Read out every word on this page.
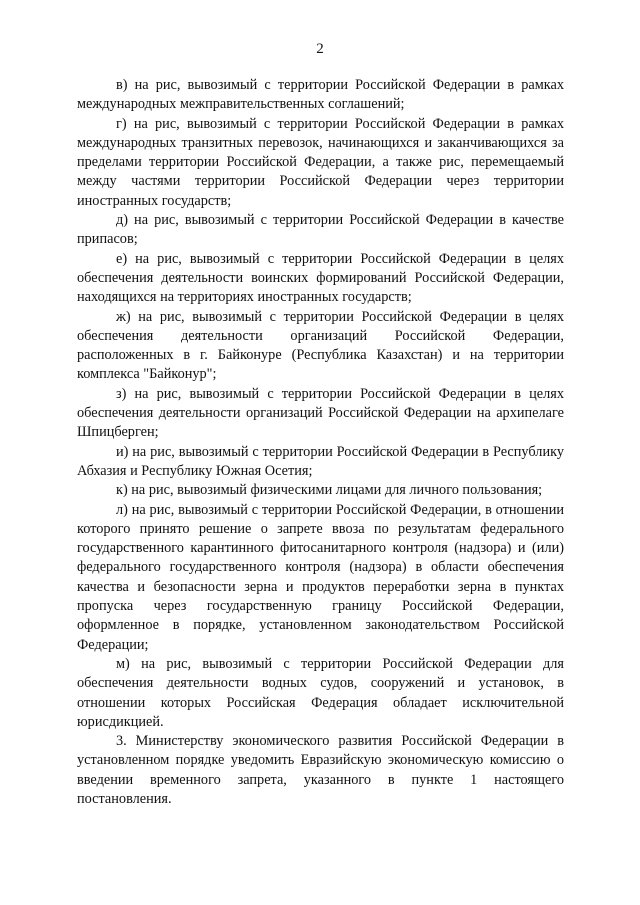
2

в) на рис, вывозимый с территории Российской Федерации в рамках международных межправительственных соглашений;

г) на рис, вывозимый с территории Российской Федерации в рамках международных транзитных перевозок, начинающихся и заканчивающихся за пределами территории Российской Федерации, а также рис, перемещаемый между частями территории Российской Федерации через территории иностранных государств;

д) на рис, вывозимый с территории Российской Федерации в качестве припасов;

е) на рис, вывозимый с территории Российской Федерации в целях обеспечения деятельности воинских формирований Российской Федерации, находящихся на территориях иностранных государств;

ж) на рис, вывозимый с территории Российской Федерации в целях обеспечения деятельности организаций Российской Федерации, расположенных в г. Байконуре (Республика Казахстан) и на территории комплекса "Байконур";

з) на рис, вывозимый с территории Российской Федерации в целях обеспечения деятельности организаций Российской Федерации на архипелаге Шпицберген;

и) на рис, вывозимый с территории Российской Федерации в Республику Абхазия и Республику Южная Осетия;

к) на рис, вывозимый физическими лицами для личного пользования;

л) на рис, вывозимый с территории Российской Федерации, в отношении которого принято решение о запрете ввоза по результатам федерального государственного карантинного фитосанитарного контроля (надзора) и (или) федерального государственного контроля (надзора) в области обеспечения качества и безопасности зерна и продуктов переработки зерна в пунктах пропуска через государственную границу Российской Федерации, оформленное в порядке, установленном законодательством Российской Федерации;

м) на рис, вывозимый с территории Российской Федерации для обеспечения деятельности водных судов, сооружений и установок, в отношении которых Российская Федерация обладает исключительной юрисдикцией.

3. Министерству экономического развития Российской Федерации в установленном порядке уведомить Евразийскую экономическую комиссию о введении временного запрета, указанного в пункте 1 настоящего постановления.
